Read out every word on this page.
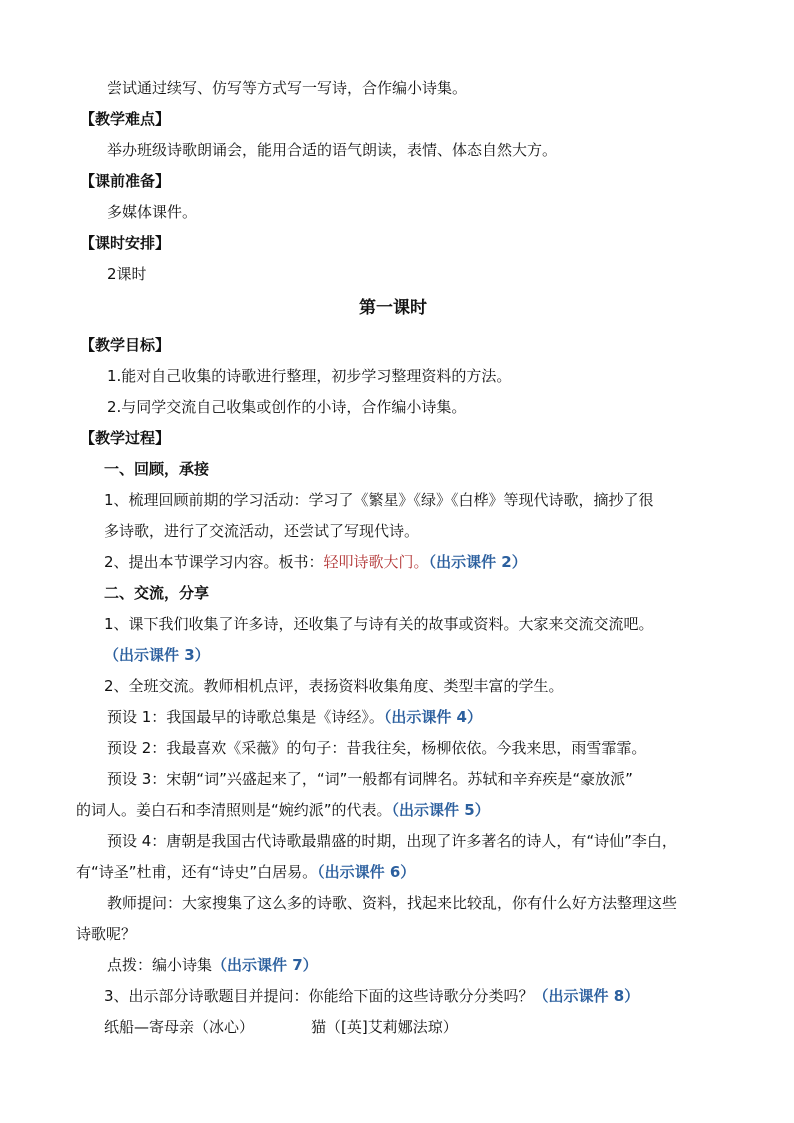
尝试通过续写、仿写等方式写一写诗，合作编小诗集。
【教学难点】
举办班级诗歌朗诵会，能用合适的语气朗读，表情、体态自然大方。
【课前准备】
多媒体课件。
【课时安排】
2课时
第一课时
【教学目标】
1.能对自己收集的诗歌进行整理，初步学习整理资料的方法。
2.与同学交流自己收集或创作的小诗，合作编小诗集。
【教学过程】
一、回顾，承接
1、梳理回顾前期的学习活动：学习了《繁星》《绿》《白桦》等现代诗歌，摘抄了很
多诗歌，进行了交流活动，还尝试了写现代诗。
2、提出本节课学习内容。板书：轻叩诗歌大门。（出示课件 2）
二、交流，分享
1、课下我们收集了许多诗，还收集了与诗有关的故事或资料。大家来交流交流吧。
（出示课件 3）
2、全班交流。教师相机点评，表扬资料收集角度、类型丰富的学生。
预设 1：我国最早的诗歌总集是《诗经》。（出示课件 4）
预设 2：我最喜欢《采薇》的句子：昔我往矣，杨柳依依。今我来思，雨雪霏霏。
预设 3：宋朝“词”兴盛起来了，“词”一般都有词牌名。苏轼和辛弃疾是“豪放派”
的词人。姜白石和李清照则是“婉约派”的代表。（出示课件 5）
预设 4：唐朝是我国古代诗歌最鼎盛的时期，出现了许多著名的诗人，有“诗仙”李白，
有“诗圣”杜甫，还有“诗史”白居易。（出示课件 6）
教师提问：大家搜集了这么多的诗歌、资料，找起来比较乱，你有什么好方法整理这些
诗歌呢？
点拨：编小诗集（出示课件 7）
3、出示部分诗歌题目并提问：你能给下面的这些诗歌分分类吗？（出示课件 8）
纸船—寄母亲（冰心）	猫（[英]艾莉娜法琼）
